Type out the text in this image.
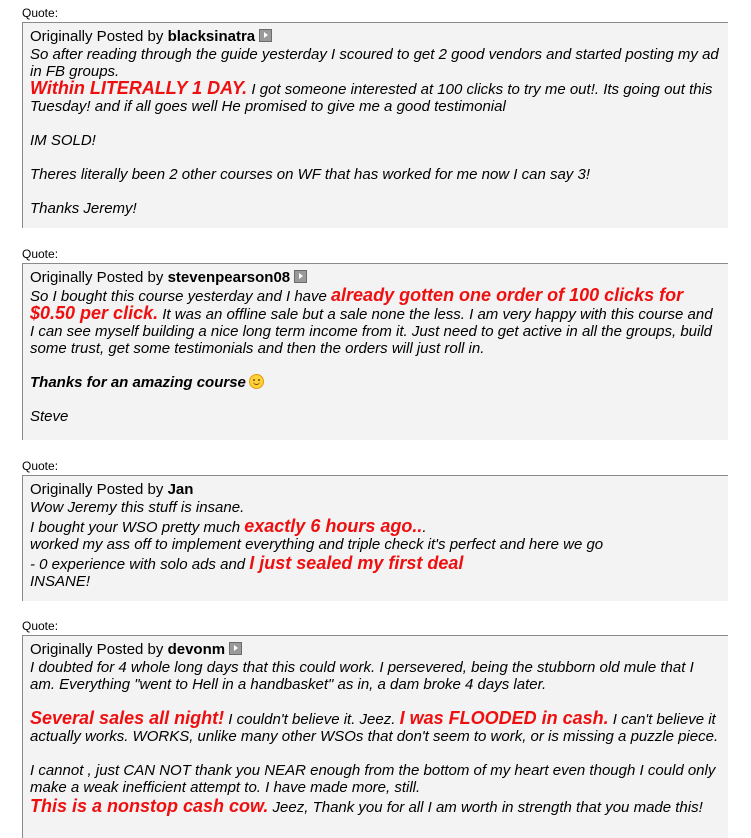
Quote:
Originally Posted by blacksinatra

So after reading through the guide yesterday I scoured to get 2 good vendors and started posting my ad in FB groups.

Within LITERALLY 1 DAY. I got someone interested at 100 clicks to try me out!. Its going out this Tuesday! and if all goes well He promised to give me a good testimonial

IM SOLD!

Theres literally been 2 other courses on WF that has worked for me now I can say 3!

Thanks Jeremy!

Quote:
Originally Posted by stevenpearson08

So I bought this course yesterday and I have already gotten one order of 100 clicks for $0.50 per click. It was an offline sale but a sale none the less. I am very happy with this course and I can see myself building a nice long term income from it. Just need to get active in all the groups, build some trust, get some testimonials and then the orders will just roll in.

Thanks for an amazing course

Steve

Quote:
Originally Posted by Jan

Wow Jeremy this stuff is insane.

I bought your WSO pretty much exactly 6 hours ago...

worked my ass off to implement everything and triple check it's perfect and here we go

- 0 experience with solo ads and I just sealed my first deal

INSANE!

Quote:
Originally Posted by devonm

I doubted for 4 whole long days that this could work. I persevered, being the stubborn old mule that I am. Everything "went to Hell in a handbasket" as in, a dam broke 4 days later.

Several sales all night! I couldn't believe it. Jeez. I was FLOODED in cash. I can't believe it actually works. WORKS, unlike many other WSOs that don't seem to work, or is missing a puzzle piece.

I cannot , just CAN NOT thank you NEAR enough from the bottom of my heart even though I could only make a weak inefficient attempt to. I have made more, still.

This is a nonstop cash cow. Jeez, Thank you for all I am worth in strength that you made this!
